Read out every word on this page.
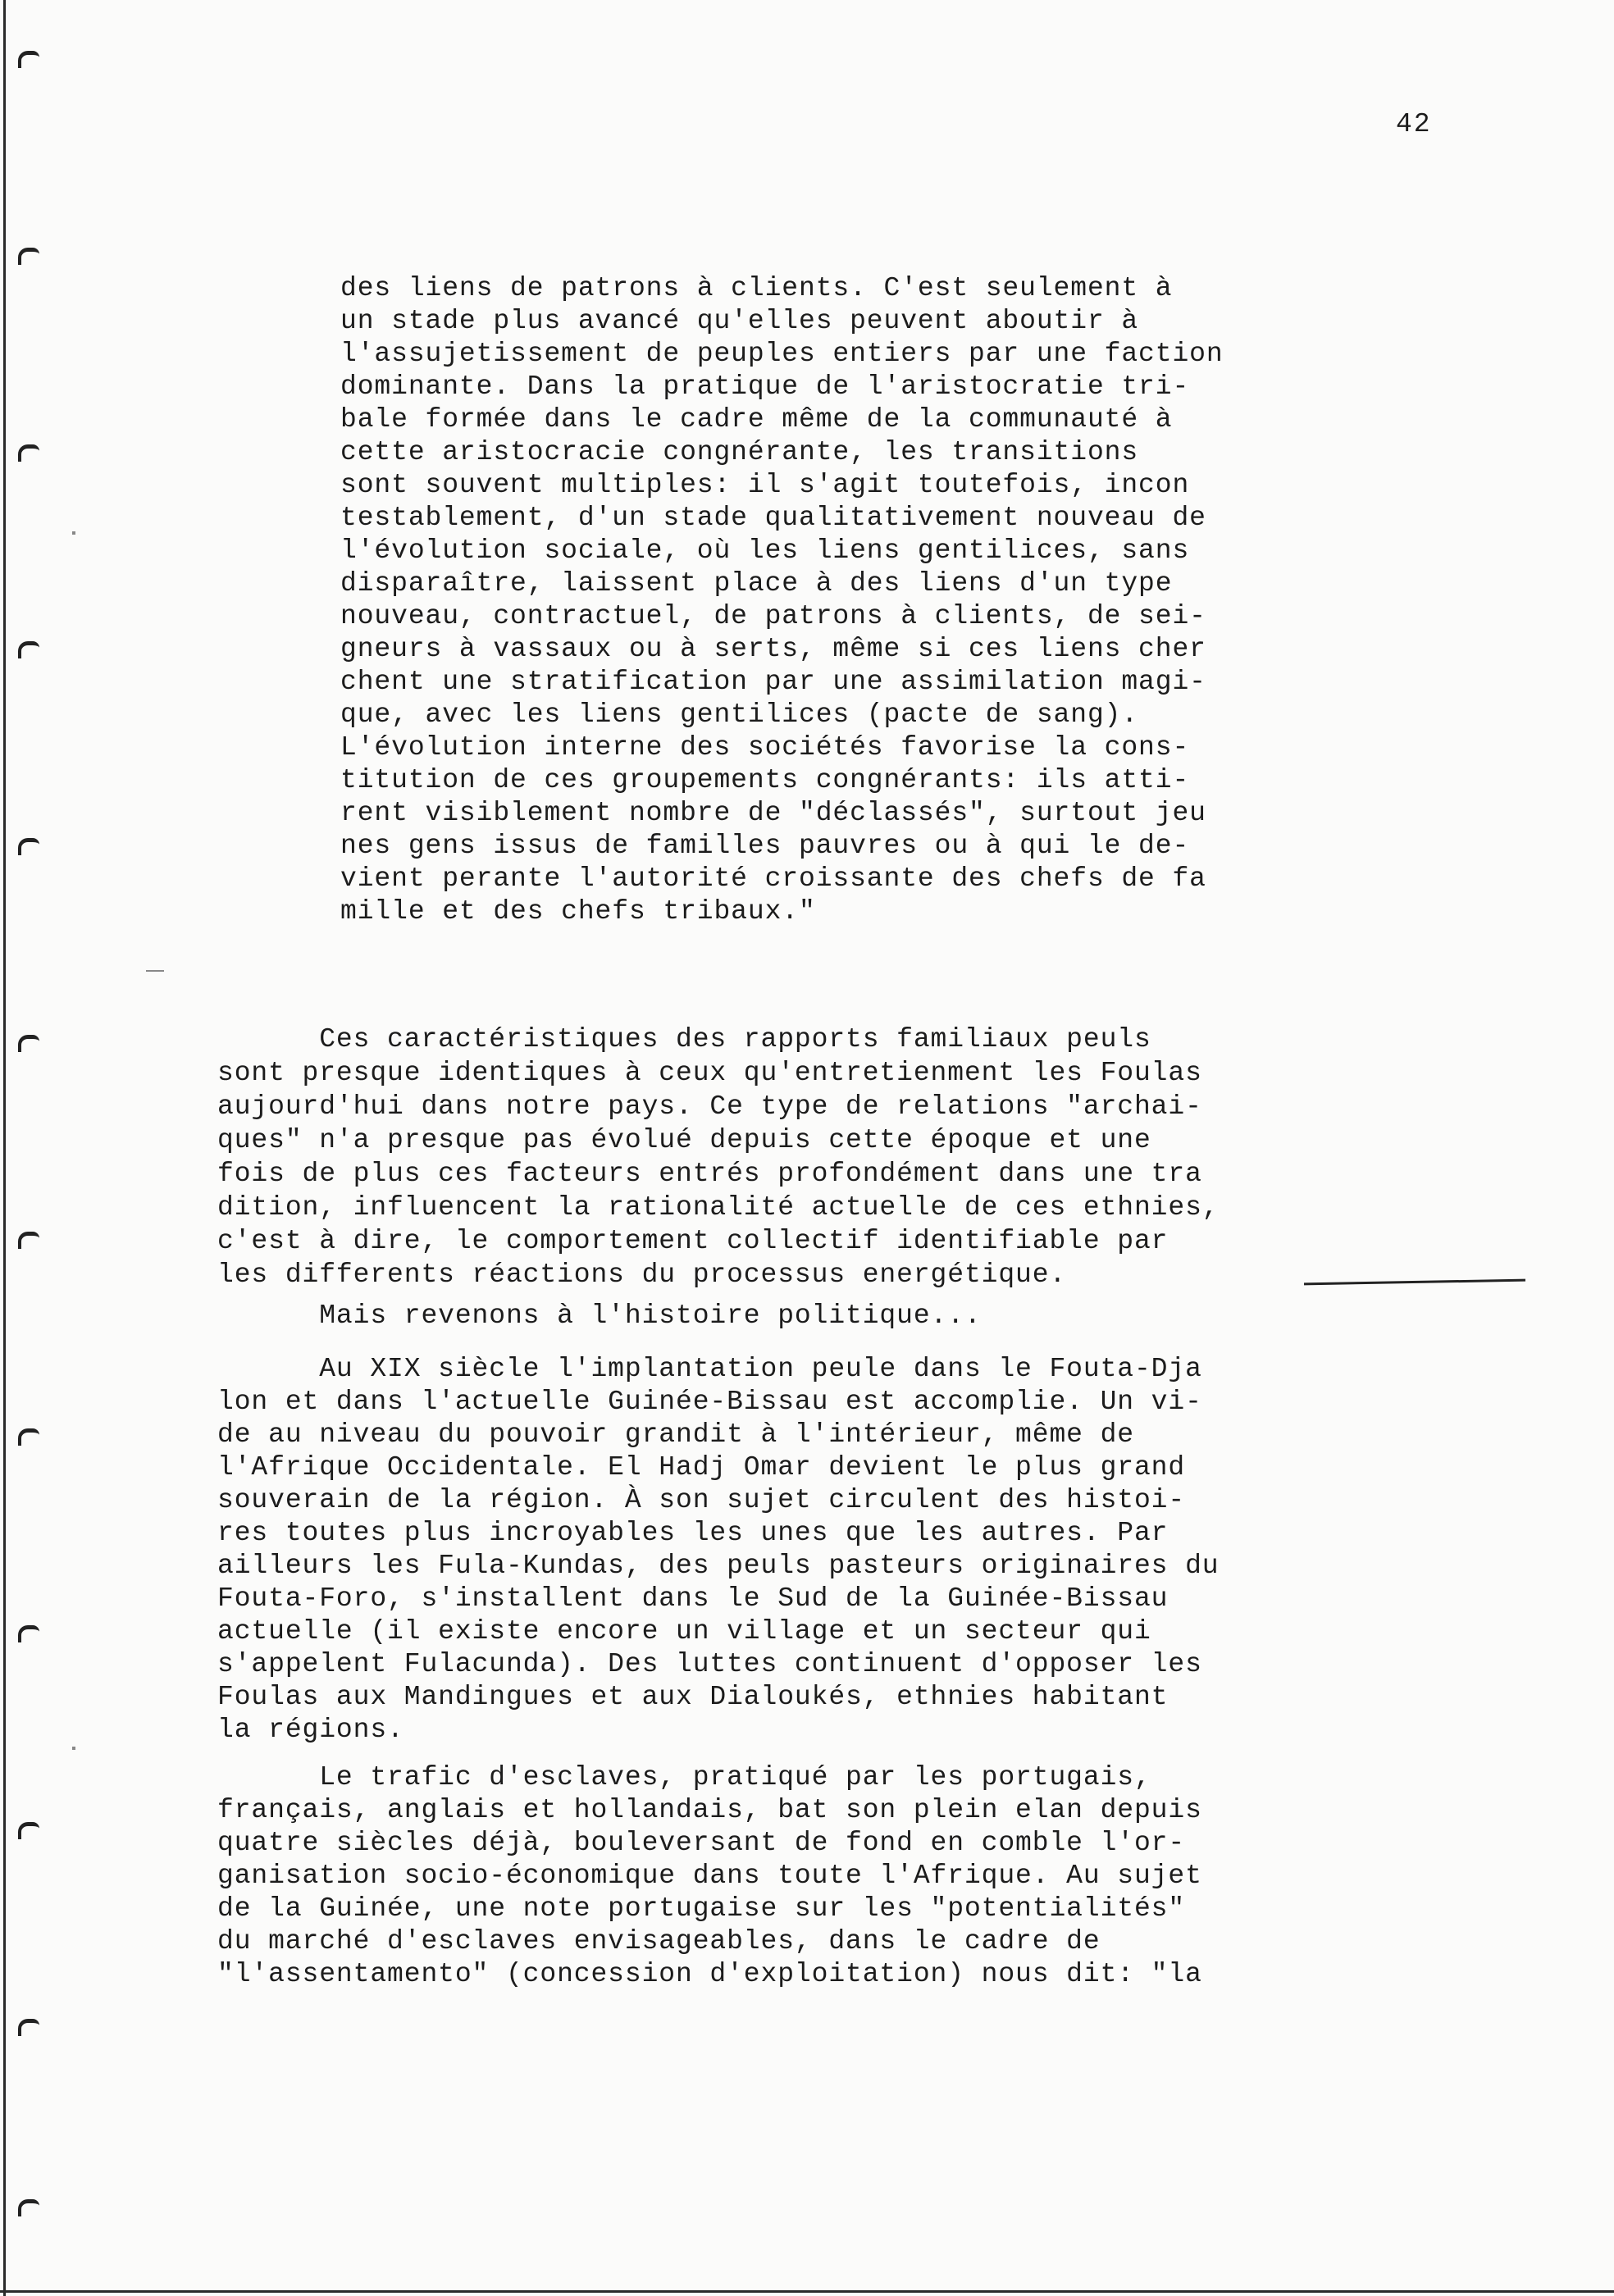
42
des liens de patrons à clients. C'est seulement à
un stade plus avancé qu'elles peuvent aboutir à
l'assujetissement de peuples entiers par une faction
dominante. Dans la pratique de l'aristocratie tri-
bale formée dans le cadre même de la communauté à
cette aristocracie congnérante, les transitions
sont souvent multiples: il s'agit toutefois, incon
testablement, d'un stade qualitativement nouveau de
l'évolution sociale, où les liens gentilices, sans
disparaître, laissent place à des liens d'un type
nouveau, contractuel, de patrons à clients, de sei-
gneurs à vassaux ou à serts, même si ces liens cher
chent une stratification par une assimilation magi-
que, avec les liens gentilices (pacte de sang).
L'évolution interne des sociétés favorise la cons-
titution de ces groupements congnérants: ils atti-
rent visiblement nombre de "déclassés", surtout jeu
nes gens issus de familles pauvres ou à qui le de-
vient perante l'autorité croissante des chefs de fa
mille et des chefs tribaux."
Ces caractéristiques des rapports familiaux peuls
sont presque identiques à ceux qu'entretienment les Foulas
aujourd'hui dans notre pays. Ce type de relations "archai-
ques" n'a presque pas évolué depuis cette époque et une
fois de plus ces facteurs entrés profondément dans une tra
dition, influencent la rationalité actuelle de ces ethnies,
c'est à dire, le comportement collectif identifiable par
les differents réactions du processus energétique.
Mais revenons à l'histoire politique...
Au XIX siècle l'implantation peule dans le Fouta-Dja
lon et dans l'actuelle Guinée-Bissau est accomplie. Un vi-
de au niveau du pouvoir grandit à l'intérieur, même de
l'Afrique Occidentale. El Hadj Omar devient le plus grand
souverain de la région. À son sujet circulent des histoi-
res toutes plus incroyables les unes que les autres. Par
ailleurs les Fula-Kundas, des peuls pasteurs originaires du
Fouta-Foro, s'installent dans le Sud de la Guinée-Bissau
actuelle (il existe encore un village et un secteur qui
s'appelent Fulacunda). Des luttes continuent d'opposer les
Foulas aux Mandingues et aux Dialoukés, ethnies habitant
la régions.
Le trafic d'esclaves, pratiqué par les portugais,
français, anglais et hollandais, bat son plein elan depuis
quatre siècles déjà, bouleversant de fond en comble l'or-
ganisation socio-économique dans toute l'Afrique. Au sujet
de la Guinée, une note portugaise sur les "potentialités"
du marché d'esclaves envisageables, dans le cadre de
"l'assentamento" (concession d'exploitation) nous dit: "la
